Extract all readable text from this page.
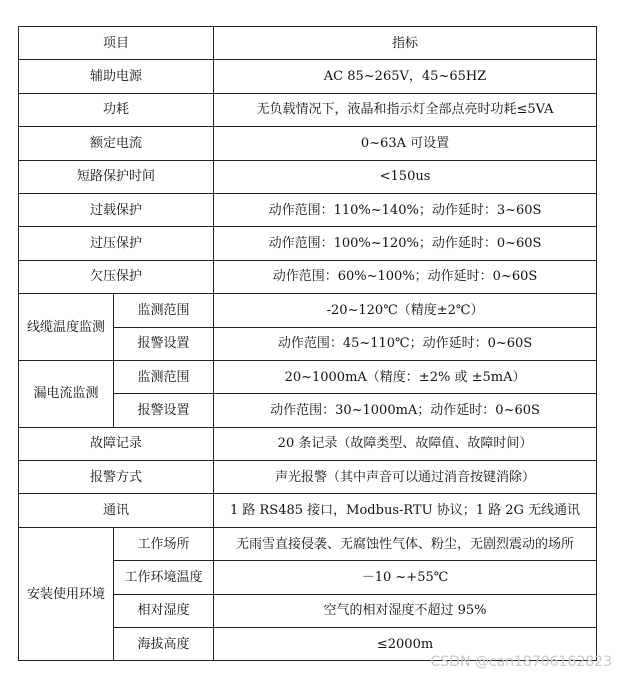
项目		指标
辅助电源		AC 85~265V，45~65HZ
功耗		无负载情况下，液晶和指示灯全部点亮时功耗≤5VA
额定电流		0~63A 可设置
短路保护时间		<150us
过载保护		动作范围：110%~140%；动作延时：3~60S
过压保护		动作范围：100%~120%；动作延时：0~60S
欠压保护		动作范围：60%~100%；动作延时：0~60S
线缆温度监测	监测范围	-20~120℃（精度±2℃）
	报警设置	动作范围：45~110℃；动作延时：0~60S
漏电流监测	监测范围	20~1000mA（精度：±2% 或 ±5mA）
	报警设置	动作范围：30~1000mA；动作延时：0~60S
故障记录		20 条记录（故障类型、故障值、故障时间）
报警方式		声光报警（其中声音可以通过消音按键消除）
通讯		1 路 RS485 接口，Modbus-RTU 协议；1 路 2G 无线通讯
安装使用环境	工作场所	无雨雪直接侵袭、无腐蚀性气体、粉尘，无剧烈震动的场所
	工作环境温度	－10 ~+55℃
	相对湿度	空气的相对湿度不超过 95%
	海拔高度	≤2000m
CSDN @can18706162823
